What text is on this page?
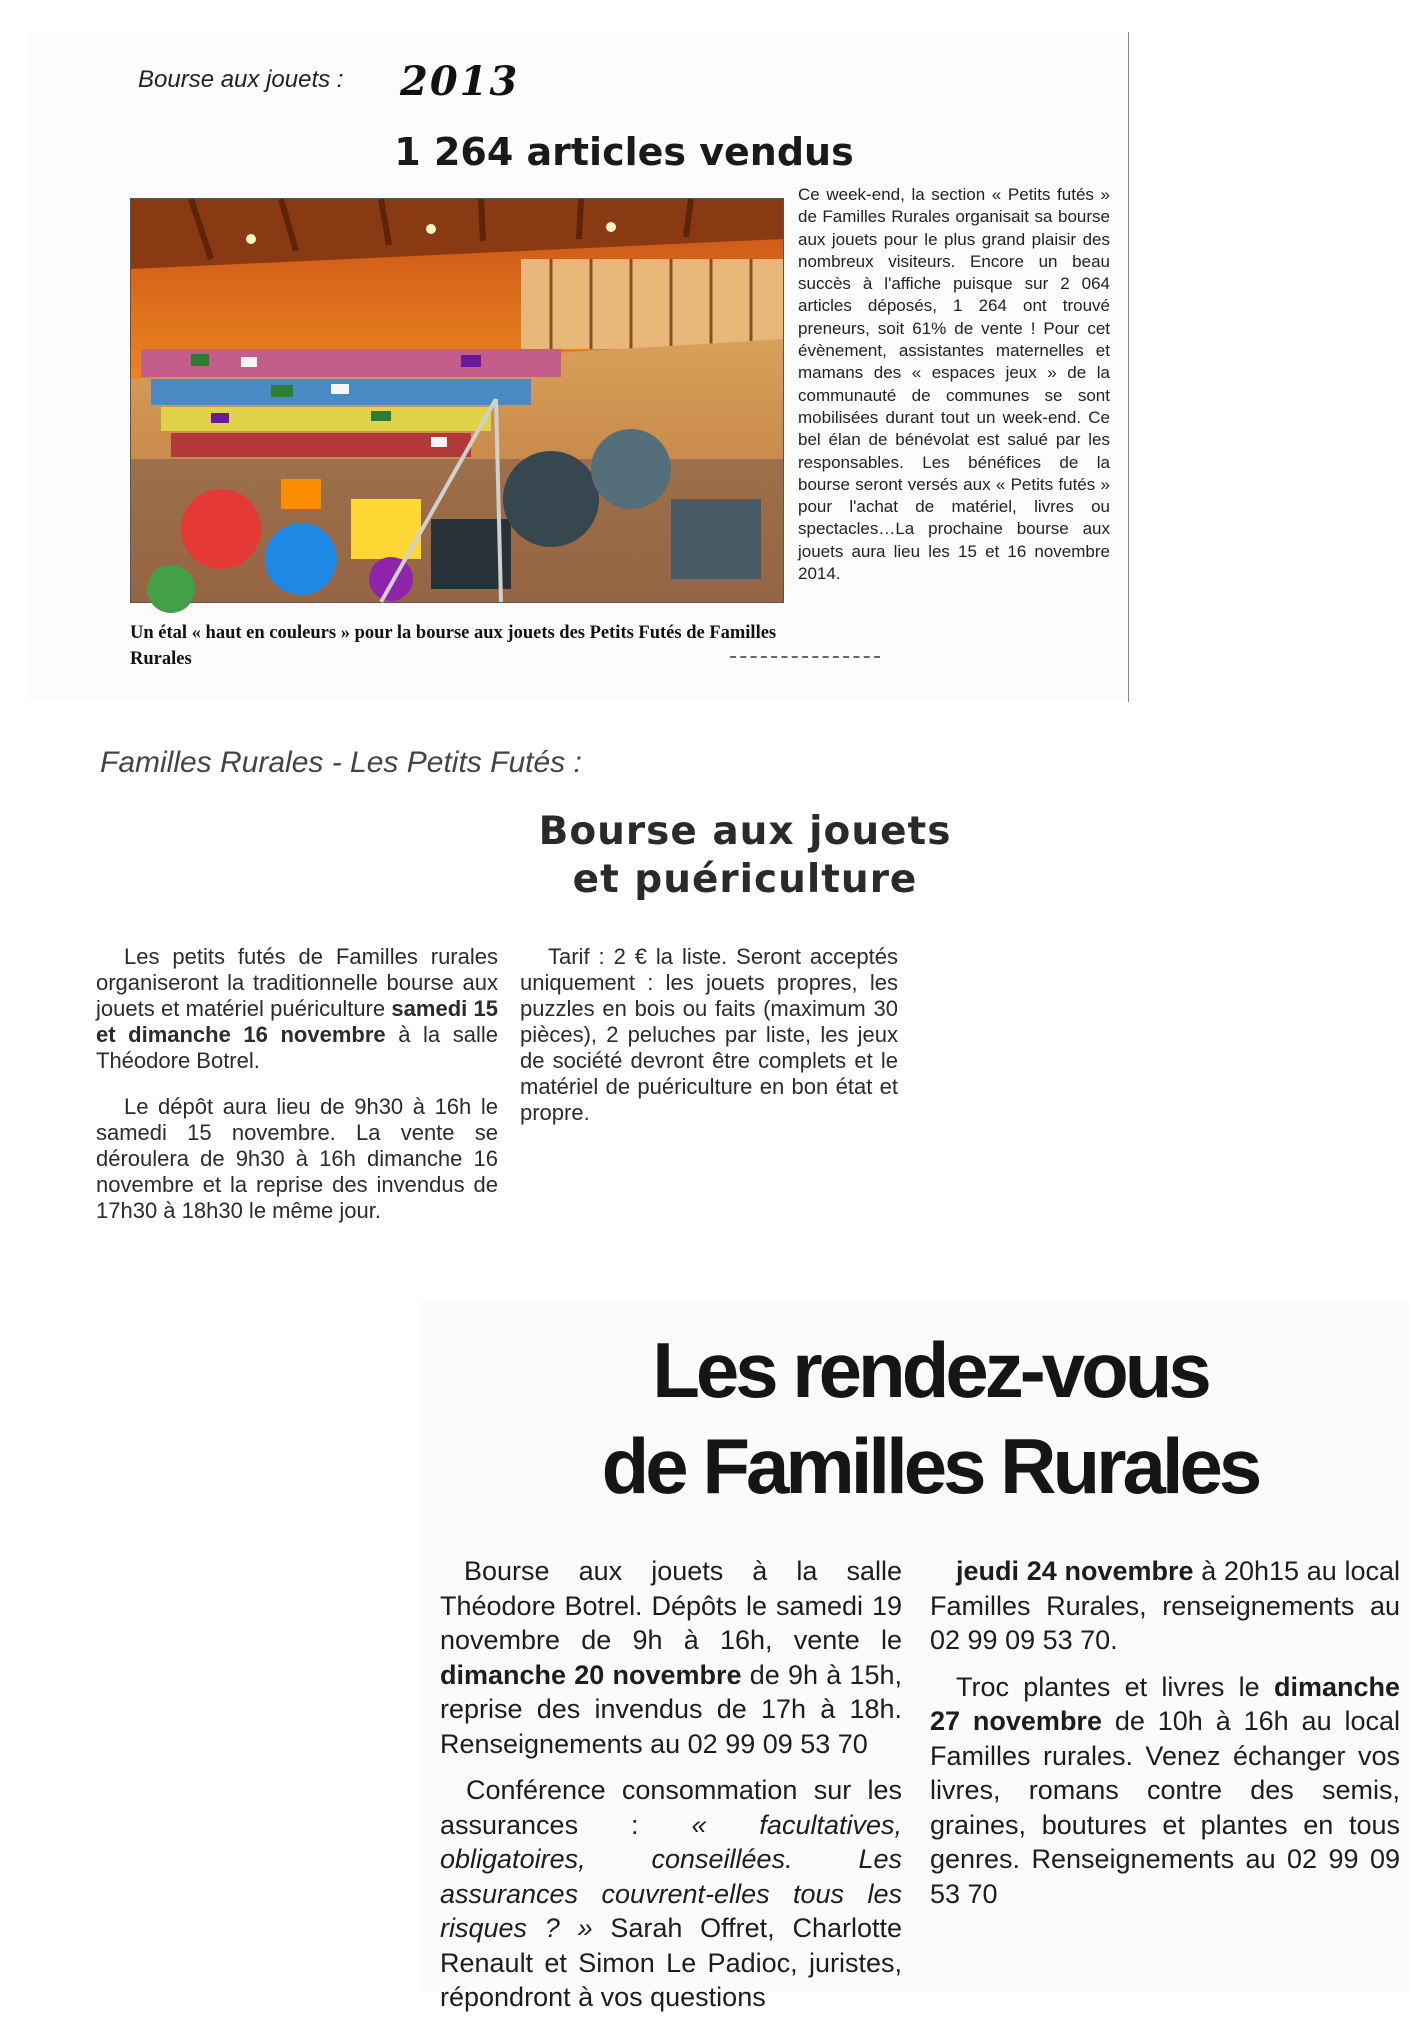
Bourse aux jouets : 2013
1 264 articles vendus
Ce week-end, la section « Petits futés » de Familles Rurales organisait sa bourse aux jouets pour le plus grand plaisir des nombreux visiteurs. Encore un beau succès à l'affiche puisque sur 2 064 articles déposés, 1 264 ont trouvé preneurs, soit 61% de vente ! Pour cet évènement, assistantes maternelles et mamans des « espaces jeux » de la communauté de communes se sont mobilisées durant tout un week-end. Ce bel élan de bénévolat est salué par les responsables. Les bénéfices de la bourse seront versés aux « Petits futés » pour l'achat de matériel, livres ou spectacles…La prochaine bourse aux jouets aura lieu les 15 et 16 novembre 2014.
Un étal « haut en couleurs » pour la bourse aux jouets des Petits Futés de Familles Rurales
Familles Rurales - Les Petits Futés :
Bourse aux jouets
et puériculture

Les petits futés de Familles rurales organiseront la traditionnelle bourse aux jouets et matériel puériculture samedi 15 et dimanche 16 novembre à la salle Théodore Botrel.

Le dépôt aura lieu de 9h30 à 16h le samedi 15 novembre. La vente se déroulera de 9h30 à 16h dimanche 16 novembre et la reprise des invendus de 17h30 à 18h30 le même jour.

Tarif : 2 € la liste. Seront acceptés uniquement : les jouets propres, les puzzles en bois ou faits (maximum 30 pièces), 2 peluches par liste, les jeux de société devront être complets et le matériel de puériculture en bon état et propre.

Les rendez-vous
de Familles Rurales

Bourse aux jouets à la salle Théodore Botrel. Dépôts le samedi 19 novembre de 9h à 16h, vente le dimanche 20 novembre de 9h à 15h, reprise des invendus de 17h à 18h. Renseignements au 02 99 09 53 70

Conférence consommation sur les assurances : « facultatives, obligatoires, conseillées. Les assurances couvrent-elles tous les risques ? » Sarah Offret, Charlotte Renault et Simon Le Padioc, juristes, répondront à vos questions

jeudi 24 novembre à 20h15 au local Familles Rurales, renseignements au 02 99 09 53 70.

Troc plantes et livres le dimanche 27 novembre de 10h à 16h au local Familles rurales. Venez échanger vos livres, romans contre des semis, graines, boutures et plantes en tous genres. Renseignements au 02 99 09 53 70
